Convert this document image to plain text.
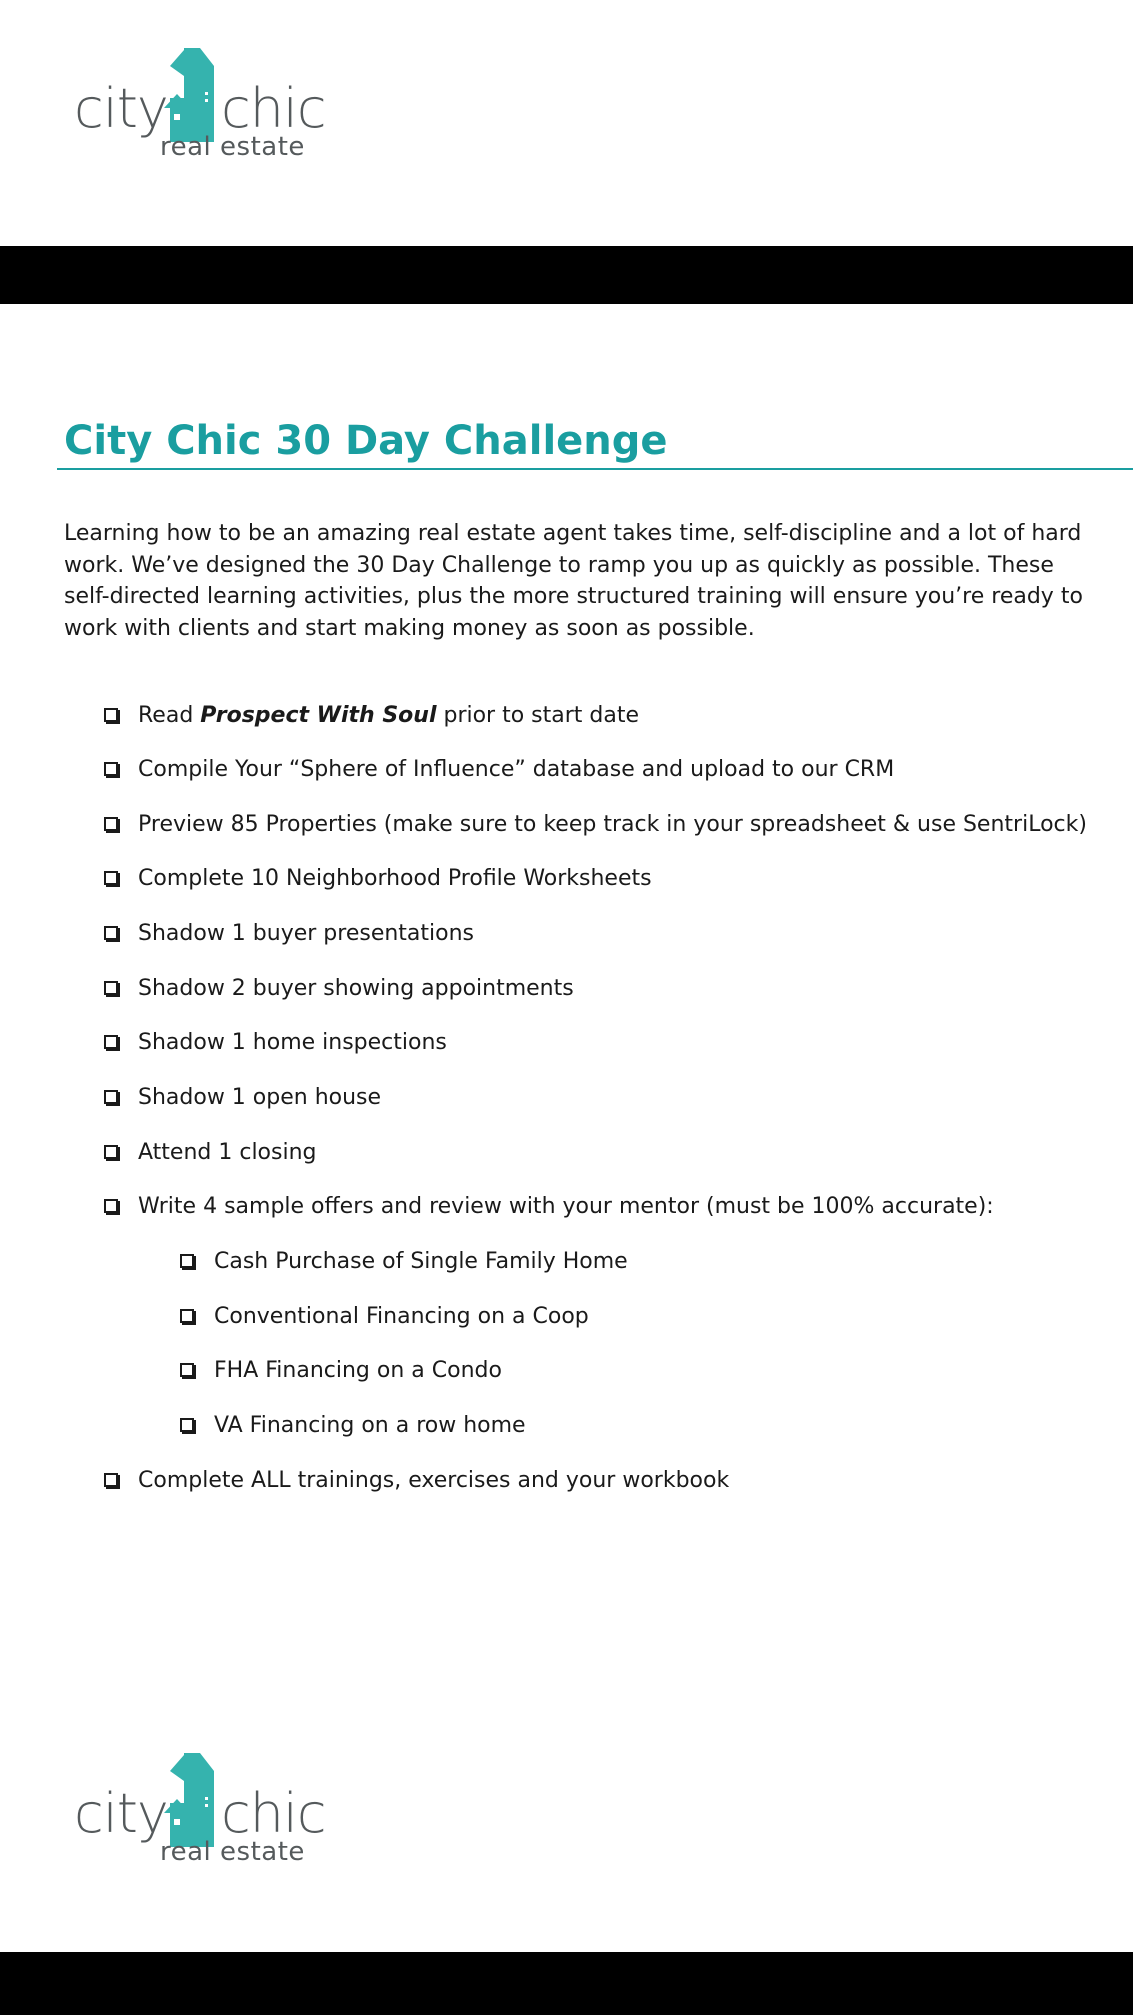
city chic
real estate
City Chic 30 Day Challenge

Learning how to be an amazing real estate agent takes time, self-discipline and a lot of hard work. We’ve designed the 30 Day Challenge to ramp you up as quickly as possible. These self-directed learning activities, plus the more structured training will ensure you’re ready to work with clients and start making money as soon as possible.

Read Prospect With Soul prior to start date
Compile Your “Sphere of Influence” database and upload to our CRM
Preview 85 Properties (make sure to keep track in your spreadsheet & use SentriLock)
Complete 10 Neighborhood Profile Worksheets
Shadow 1 buyer presentations
Shadow 2 buyer showing appointments
Shadow 1 home inspections
Shadow 1 open house
Attend 1 closing
Write 4 sample offers and review with your mentor (must be 100% accurate):
Cash Purchase of Single Family Home
Conventional Financing on a Coop
FHA Financing on a Condo
VA Financing on a row home
Complete ALL trainings, exercises and your workbook
city chic
real estate
